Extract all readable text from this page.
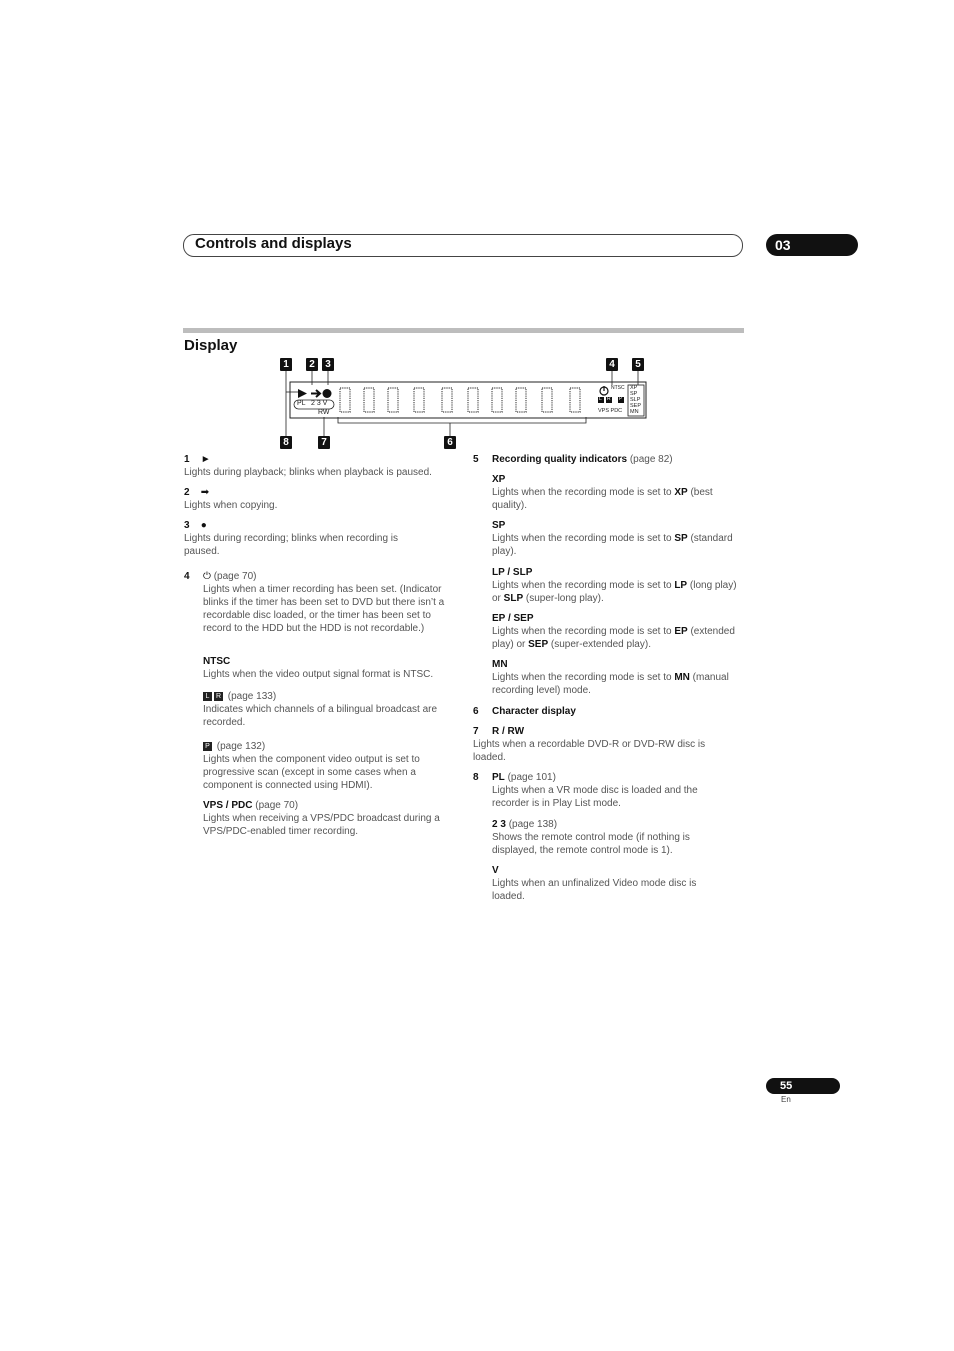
Controls and displays	03
Display
1	2	3	4	5
8	7	6
PL 2 3 V
RW
NTSC
VPS PDC
L R P
XP
SP
SLP
SEP
MN
1 ►
Lights during playback; blinks when playback is paused.
2 ➡
Lights when copying.
3 ●
Lights during recording; blinks when recording is paused.
4 ⏻ (page 70)
Lights when a timer recording has been set. (Indicator blinks if the timer has been set to DVD but there isn’t a recordable disc loaded, or the timer has been set to record to the HDD but the HDD is not recordable.)
NTSC
Lights when the video output signal format is NTSC.
L R (page 133)
Indicates which channels of a bilingual broadcast are recorded.
P (page 132)
Lights when the component video output is set to progressive scan (except in some cases when a component is connected using HDMI).
VPS / PDC (page 70)
Lights when receiving a VPS/PDC broadcast during a VPS/PDC-enabled timer recording.
5	Recording quality indicators (page 82)
XP
Lights when the recording mode is set to XP (best quality).
SP
Lights when the recording mode is set to SP (standard play).
LP / SLP
Lights when the recording mode is set to LP (long play) or SLP (super-long play).
EP / SEP
Lights when the recording mode is set to EP (extended play) or SEP (super-extended play).
MN
Lights when the recording mode is set to MN (manual recording level) mode.
6	Character display
7	R / RW
Lights when a recordable DVD-R or DVD-RW disc is loaded.
8	PL (page 101)
Lights when a VR mode disc is loaded and the recorder is in Play List mode.
2 3 (page 138)
Shows the remote control mode (if nothing is displayed, the remote control mode is 1).
V
Lights when an unfinalized Video mode disc is loaded.
55
En
